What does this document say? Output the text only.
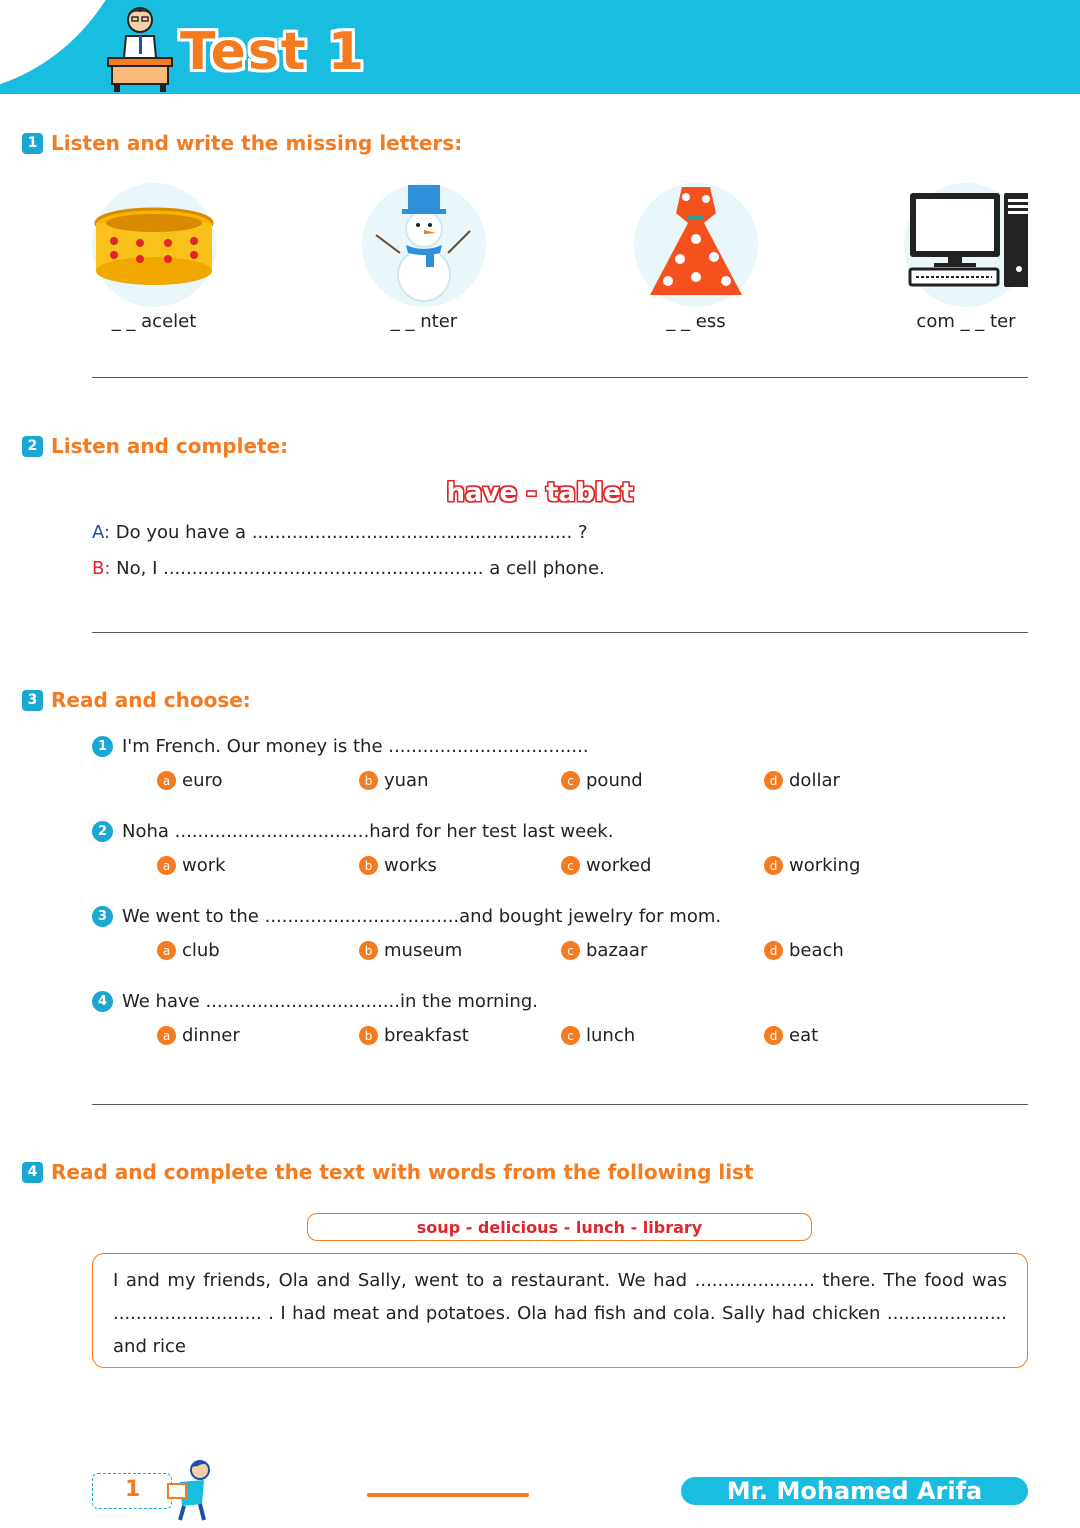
Test 1
1 Listen and write the missing letters:
_ _ acelet	_ _ nter	_ _ ess	com _ _ ter
2 Listen and complete:
have - tablet
A: Do you have a ........................................................ ?
B: No, I ........................................................ a cell phone.
3 Read and choose:
1 I'm French. Our money is the
.................................. .
a euro	b yuan	c pound	d dollar
2 Noha
.................................. hard for her test last week.
a work	b works	c worked	d working
3 We went to the
.................................. and bought jewelry for mom.
a club	b museum	c bazaar	d beach
4 We have
.................................. in the morning.
a dinner	b breakfast	c lunch	d eat
4 Read and complete the text with words from the following list
soup - delicious - lunch - library

I and my friends, Ola and Sally, went to a restaurant. We had ..................... there. The food was .......................... . I had meat and potatoes. Ola had fish and cola. Sally had chicken ..................... and rice

1	Mr. Mohamed Arifa
